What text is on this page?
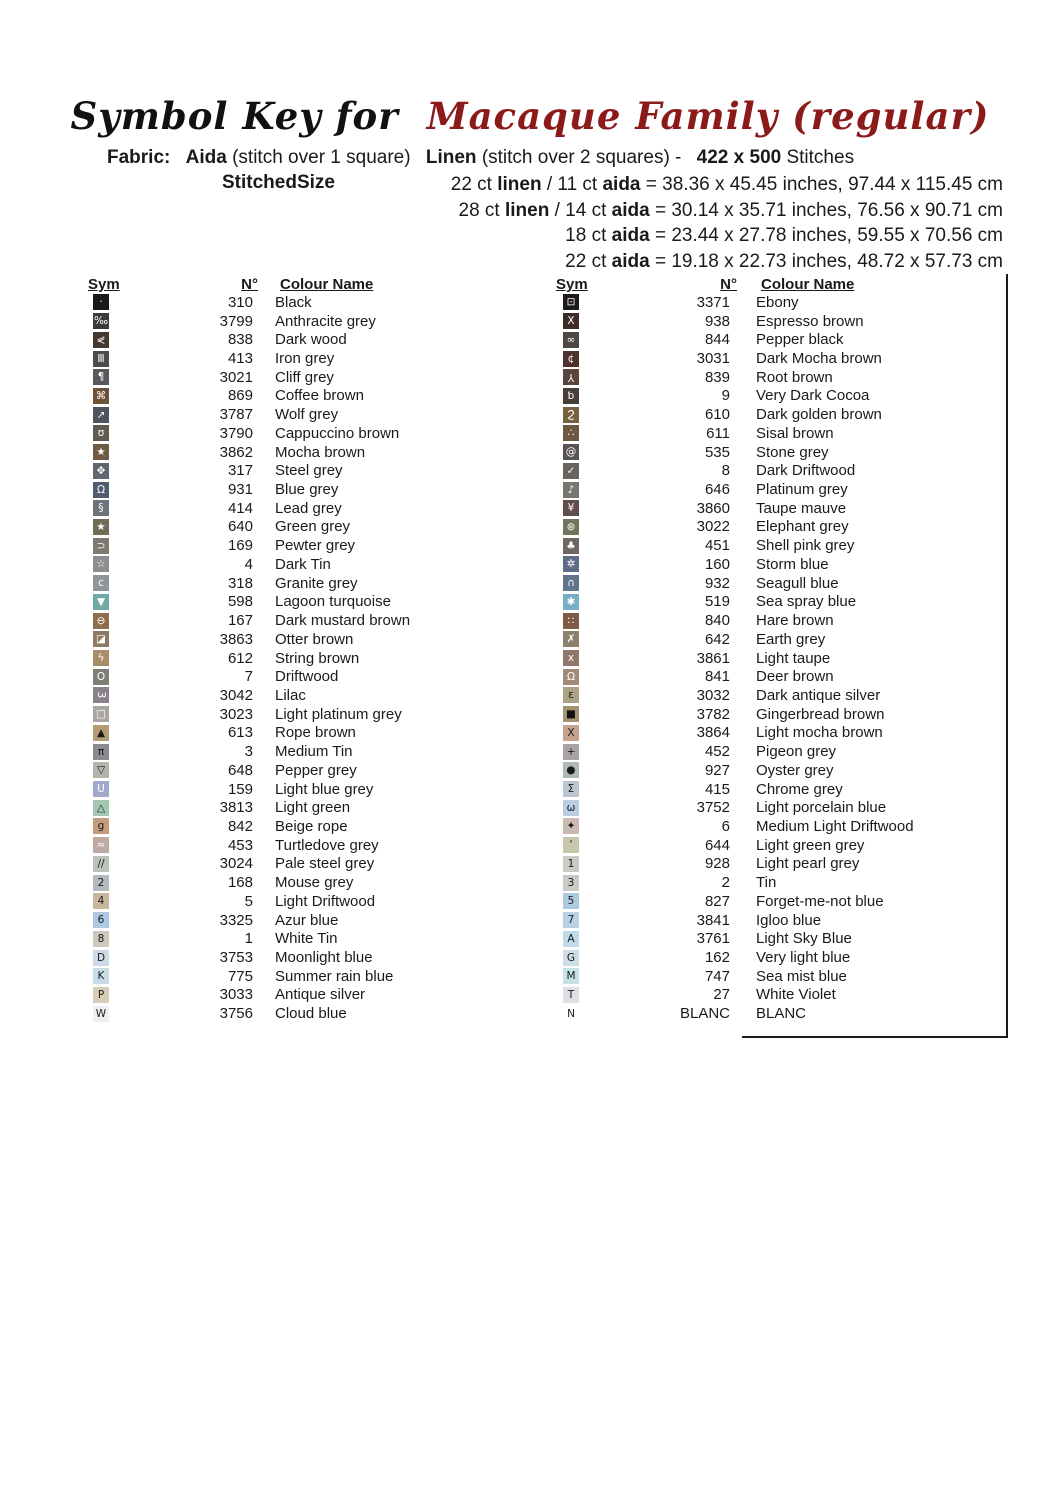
Symbol Key for Macaque Family (regular)
Fabric: Aida (stitch over 1 square) Linen (stitch over 2 squares) - 422 x 500 Stitches
StitchedSize	22 ct linen / 11 ct aida = 38.36 x 45.45 inches, 97.44 x 115.45 cm
28 ct linen / 14 ct aida = 30.14 x 35.71 inches, 76.56 x 90.71 cm
18 ct aida = 23.44 x 27.78 inches, 59.55 x 70.56 cm
22 ct aida = 19.18 x 22.73 inches, 48.72 x 57.73 cm
Sym	N° Colour Name
·	310 Black
‰	3799 Anthracite grey
⋞	838 Dark wood
Ⅲ	413 Iron grey
¶	3021 Cliff grey
⌘	869 Coffee brown
↗	3787 Wolf grey
ʊ	3790 Cappuccino brown
★	3862 Mocha brown
✥	317 Steel grey
Ω	931 Blue grey
§	414 Lead grey
★	640 Green grey
⊃	169 Pewter grey
☆	4 Dark Tin
c	318 Granite grey
▼	598 Lagoon turquoise
⊖	167 Dark mustard brown
◪	3863 Otter brown
ϟ	612 String brown
O	7 Driftwood
3	3042 Lilac
□	3023 Light platinum grey
▲	613 Rope brown
π	3 Medium Tin
▽	648 Pepper grey
U	159 Light blue grey
△	3813 Light green
g	842 Beige rope
≈	453 Turtledove grey
//	3024 Pale steel grey
2	168 Mouse grey
4	5 Light Driftwood
6	3325 Azur blue
8	1 White Tin
D	3753 Moonlight blue
K	775 Summer rain blue
P	3033 Antique silver
W	3756 Cloud blue
Sym	N° Colour Name
⊡	3371 Ebony
X	938 Espresso brown
∞	844 Pepper black
¢	3031 Dark Mocha brown
Y	839 Root brown
ƅ	9 Very Dark Cocoa
Ϩ	610 Dark golden brown
∴	611 Sisal brown
@	535 Stone grey
✓	8 Dark Driftwood
♪	646 Platinum grey
¥	3860 Taupe mauve
⊛	3022 Elephant grey
♣	451 Shell pink grey
✲	160 Storm blue
∩	932 Seagull blue
✱	519 Sea spray blue
∷	840 Hare brown
✗	642 Earth grey
x	3861 Light taupe
Ω	841 Deer brown
ε	3032 Dark antique silver
■	3782 Gingerbread brown
X	3864 Light mocha brown
+	452 Pigeon grey
●	927 Oyster grey
Σ	415 Chrome grey
ω	3752 Light porcelain blue
✦	6 Medium Light Driftwood
‘	644 Light green grey
1	928 Light pearl grey
3	2 Tin
5	827 Forget-me-not blue
7	3841 Igloo blue
A	3761 Light Sky Blue
G	162 Very light blue
M	747 Sea mist blue
T	27 White Violet
N	BLANC BLANC
